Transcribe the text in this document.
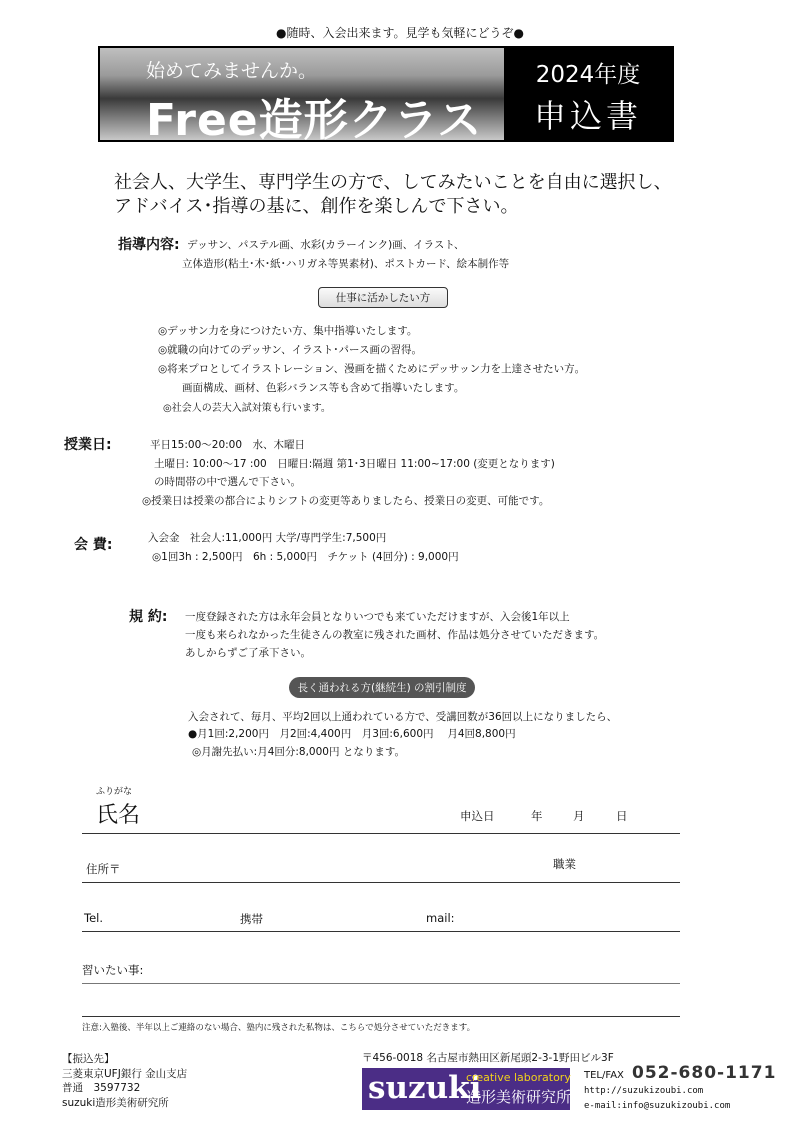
●随時、入会出来ます。見学も気軽にどうぞ●
始めてみませんか。
Free造形クラス
2024年度
申込書
社会人、大学生、専門学生の方で、してみたいことを自由に選択し、
アドバイス･指導の基に、創作を楽しんで下さい。
指導内容: デッサン、パステル画、水彩(カラーインク)画、イラスト、
立体造形(粘土･木･紙･ハリガネ等異素材)、ポストカード、絵本制作等
仕事に活かしたい方
◎デッサン力を身につけたい方、集中指導いたします。
◎就職の向けてのデッサン、イラスト･パース画の習得。
◎将来プロとしてイラストレーション、漫画を描くためにデッサッン力を上達させたい方。
画面構成、画材、色彩バランス等も含めて指導いたします。
◎社会人の芸大入試対策も行います。
授業日:	平日15:00〜20:00　水、木曜日
土曜日: 10:00〜17 :00　日曜日:隔週 第1･3日曜日 11:00~17:00 (変更となります)
の時間帯の中で選んで下さい。
◎授業日は授業の都合によりシフトの変更等ありましたら、授業日の変更、可能です。
会 費:	入会金　社会人:11,000円 大学/専門学生:7,500円
◎1回3h : 2,500円　6h : 5,000円　チケット (4回分) : 9,000円
規 約: 一度登録された方は永年会員となりいつでも来ていただけますが、入会後1年以上
一度も来られなかった生徒さんの教室に残された画材、作品は処分させていただきます。
あしからずご了承下さい。
長く通われる方(継続生) の割引制度
入会されて、毎月、平均2回以上通われている方で、受講回数が36回以上になりましたら、
●月1回:2,200円　月2回:4,400円　月3回:6,600円　 月4回8,800円
◎月謝先払い:月4回分:8,000円 となります。
ふりがな
氏名	申込日	年	月	日
住所〒	職業
Tel.	携帯	mail:
習いたい事:
注意:入塾後、半年以上ご連絡のない場合、塾内に残された私物は、こちらで処分させていただきます。
【振込先】
三菱東京UFJ銀行 金山支店
普通　3597732
suzuki造形美術研究所
〒456-0018 名古屋市熱田区新尾頭2-3-1野田ビル3F
suzuki
creative laboratory
造形美術研究所
TEL/FAX 052-680-1171
http://suzukizoubi.com
e-mail:info@suzukizoubi.com
